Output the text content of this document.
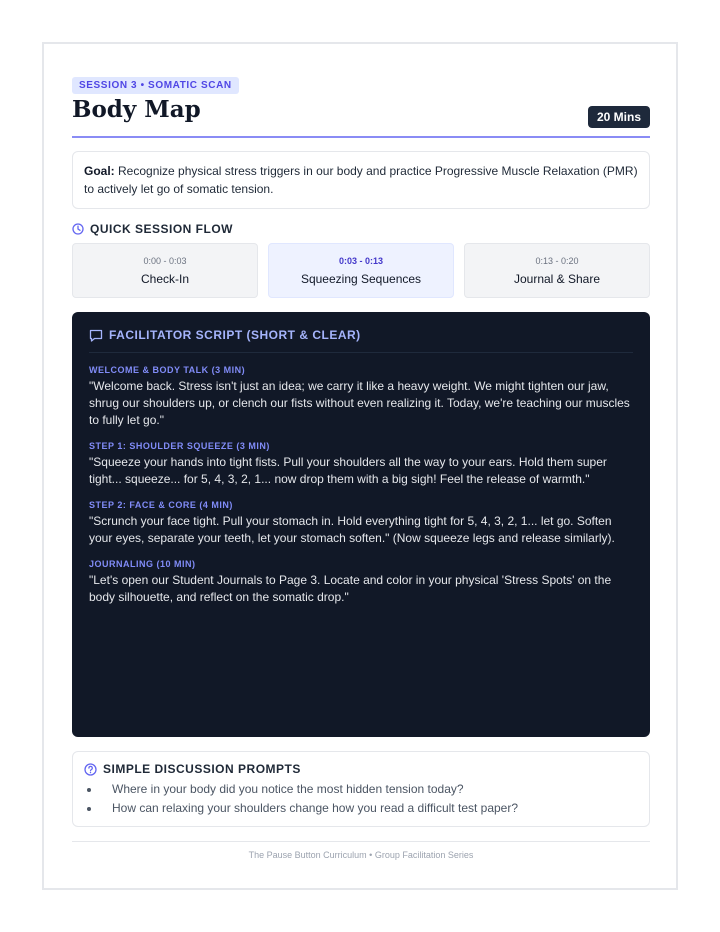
SESSION 3 • SOMATIC SCAN
Body Map	20 Mins
Goal: Recognize physical stress triggers in our body and practice Progressive Muscle Relaxation (PMR) to actively let go of somatic tension.
QUICK SESSION FLOW
0:00 - 0:03
Check-In
0:03 - 0:13
Squeezing Sequences
0:13 - 0:20
Journal & Share
FACILITATOR SCRIPT (SHORT & CLEAR)
WELCOME & BODY TALK (3 MIN)
"Welcome back. Stress isn't just an idea; we carry it like a heavy weight. We might tighten our jaw, shrug our shoulders up, or clench our fists without even realizing it. Today, we're teaching our muscles to fully let go."
STEP 1: SHOULDER SQUEEZE (3 MIN)
"Squeeze your hands into tight fists. Pull your shoulders all the way to your ears. Hold them super tight... squeeze... for 5, 4, 3, 2, 1... now drop them with a big sigh! Feel the release of warmth."
STEP 2: FACE & CORE (4 MIN)
"Scrunch your face tight. Pull your stomach in. Hold everything tight for 5, 4, 3, 2, 1... let go. Soften your eyes, separate your teeth, let your stomach soften." (Now squeeze legs and release similarly).
JOURNALING (10 MIN)
"Let's open our Student Journals to Page 3. Locate and color in your physical 'Stress Spots' on the body silhouette, and reflect on the somatic drop."
SIMPLE DISCUSSION PROMPTS
• Where in your body did you notice the most hidden tension today?
• How can relaxing your shoulders change how you read a difficult test paper?
The Pause Button Curriculum • Group Facilitation Series
